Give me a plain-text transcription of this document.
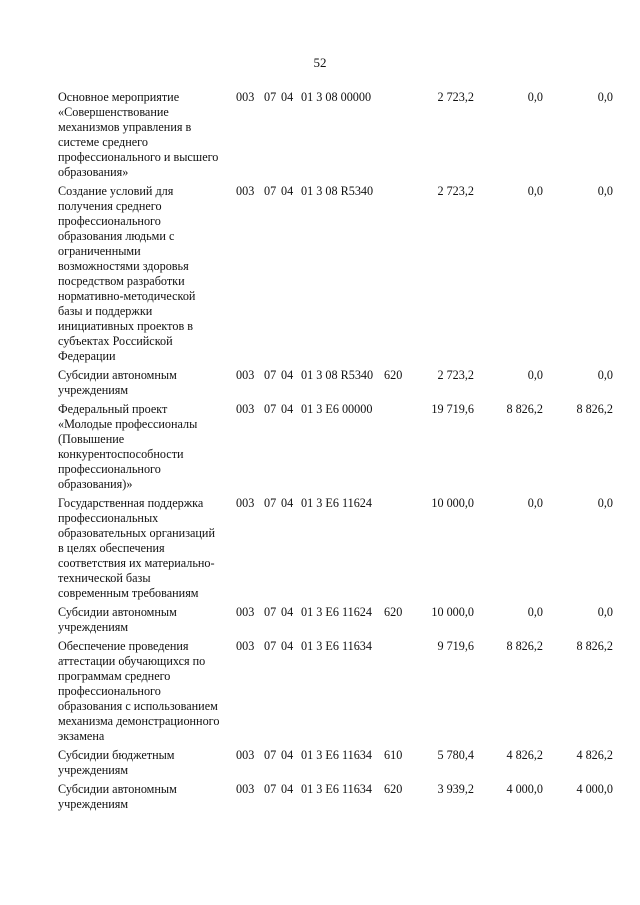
52
Основное мероприятие
«Совершенствование
механизмов управления в
системе среднего
профессионального и высшего
образования»
003 07 04 01 3 08 00000	2 723,2	0,0	0,0
Создание условий для
получения среднего
профессионального
образования людьми с
ограниченными
возможностями здоровья
посредством разработки
нормативно-методической
базы и поддержки
инициативных проектов в
субъектах Российской
Федерации
003 07 04 01 3 08 R5340	2 723,2	0,0	0,0
Субсидии автономным
учреждениям
003 07 04 01 3 08 R5340 620	2 723,2	0,0	0,0
Федеральный проект
«Молодые профессионалы
(Повышение
конкурентоспособности
профессионального
образования)»
003 07 04 01 3 E6 00000	19 719,6	8 826,2	8 826,2
Государственная поддержка
профессиональных
образовательных организаций
в целях обеспечения
соответствия их материально-
технической базы
современным требованиям
003 07 04 01 3 E6 11624	10 000,0	0,0	0,0
Субсидии автономным
учреждениям
003 07 04 01 3 E6 11624 620 10 000,0	0,0	0,0
Обеспечение проведения
аттестации обучающихся по
программам среднего
профессионального
образования с использованием
механизма демонстрационного
экзамена
003 07 04 01 3 E6 11634	9 719,6	8 826,2	8 826,2
Субсидии бюджетным
учреждениям
003 07 04 01 3 E6 11634 610	5 780,4	4 826,2	4 826,2
Субсидии автономным
учреждениям
003 07 04 01 3 E6 11634 620	3 939,2	4 000,0	4 000,0
